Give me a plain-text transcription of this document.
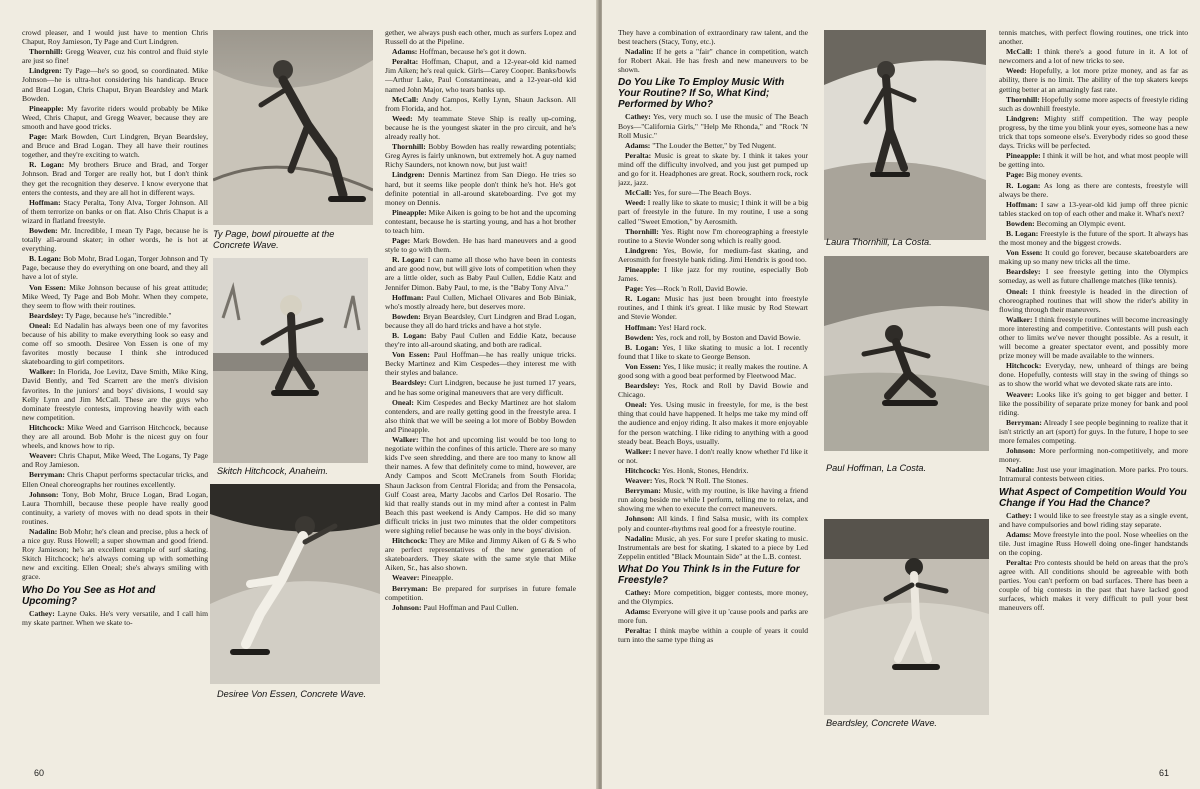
crowd pleaser, and I would just have to mention Chris Chaput, Roy Jamieson, Ty Page and Curt Lindgren.

Thornhill: Gregg Weaver, cuz his control and fluid style are just so fine!

Lindgren: Ty Page—he's so good, so coordinated. Mike Johnson—he is ultra-hot considering his handicap. Bruce and Brad Logan, Chris Chaput, Bryan Beardsley and Mark Bowden.

Pineapple: My favorite riders would probably be Mike Weed, Chris Chaput, and Gregg Weaver, because they are smooth and have good tricks.

Page: Mark Bowden, Curt Lindgren, Bryan Beardsley, and Bruce and Brad Logan. They all have their routines together, and they're exciting to watch.

R. Logan: My brothers Bruce and Brad, and Torger Johnson. Brad and Torger are really hot, but I don't think they get the recognition they deserve. I know everyone that enters the contests, and they are all hot in different ways.

Hoffman: Stacy Peralta, Tony Alva, Torger Johnson. All of them terrorize on banks or on flat. Also Chris Chaput is a wizard in flatland freestyle.

Bowden: Mr. Incredible, I mean Ty Page, because he is totally all-around skater; in other words, he is hot at everything.

B. Logan: Bob Mohr, Brad Logan, Torger Johnson and Ty Page, because they do everything on one board, and they all have a lot of style.

Von Essen: Mike Johnson because of his great attitude; Mike Weed, Ty Page and Bob Mohr. When they compete, they seem to flow with their routines.

Beardsley: Ty Page, because he's "incredible."

Oneal: Ed Nadalin has always been one of my favorites because of his ability to make everything look so easy and come off so smooth. Desiree Von Essen is one of my favorites mostly because I think she introduced skateboarding to girl competitors.

Walker: In Florida, Joe Levitz, Dave Smith, Mike King, David Bently, and Ted Scarrett are the men's division favorites. In the juniors' and boys' divisions, I would say Kelly Lynn and Jim McCall. These are the guys who dominate freestyle contests, improving heavily with each new competition.

Hitchcock: Mike Weed and Garrison Hitchcock, because they are all around. Bob Mohr is the nicest guy on four wheels, and knows how to rip.

Weaver: Chris Chaput, Mike Weed, The Logans, Ty Page and Roy Jamieson.

Berryman: Chris Chaput performs spectacular tricks, and Ellen Oneal choreographs her routines excellently.

Johnson: Tony, Bob Mohr, Bruce Logan, Brad Logan, Laura Thornhill, because these people have really good continuity, a variety of moves with no dead spots in their routines.

Nadalin: Bob Mohr; he's clean and precise, plus a heck of a nice guy. Russ Howell; a super showman and good friend. Roy Jamieson; he's an excellent example of surf skating. Skitch Hitchcock; he's always coming up with something new and exciting. Ellen Oneal; she's always smiling with grace.

Who Do You See as Hot and Upcoming?

Cathey: Layne Oaks. He's very versatile, and I call him my skate partner. When we skate to-

Ty Page, bowl pirouette at the Concrete Wave.
Skitch Hitchcock, Anaheim.
Desiree Von Essen, Concrete Wave.

gether, we always push each other, much as surfers Lopez and Russell do at the Pipeline.

Adams: Hoffman, because he's got it down.

Peralta: Hoffman, Chaput, and a 12-year-old kid named Jim Aiken; he's real quick. Girls—Carey Cooper. Banks/bowls—Arthur Lake, Paul Constantineau, and a 12-year-old kid named John Major, who tears banks up.

McCall: Andy Campos, Kelly Lynn, Shaun Jackson. All from Florida, and hot.

Weed: My teammate Steve Ship is really up-coming, because he is the youngest skater in the pro circuit, and he's already really hot.

Thornhill: Bobby Bowden has really rewarding potentials; Greg Ayres is fairly unknown, but extremely hot. A guy named Richy Saunders, not known now, but just wait!

Lindgren: Dennis Martinez from San Diego. He tries so hard, but it seems like people don't think he's hot. He's got definite potential in all-around skateboarding. I've got my money on Dennis.

Pineapple: Mike Aiken is going to be hot and the upcoming contestant, because he is starting young, and has a hot brother to teach him.

Page: Mark Bowden. He has hard maneuvers and a good style to go with them.

R. Logan: I can name all those who have been in contests and are good now, but will give lots of competition when they are a little older, such as Baby Paul Cullen, Eddie Katz and Jennifer Dimon. Baby Paul, to me, is the "Baby Tony Alva."

Hoffman: Paul Cullen, Michael Olivares and Bob Biniak, who's mostly already here, but deserves more.

Bowden: Bryan Beardsley, Curt Lindgren and Brad Logan, because they all do hard tricks and have a hot style.

B. Logan: Baby Paul Cullen and Eddie Katz, because they're into all-around skating, and both are radical.

Von Essen: Paul Hoffman—he has really unique tricks. Becky Martinez and Kim Cespedes—they interest me with their styles and balance.

Beardsley: Curt Lindgren, because he just turned 17 years, and he has some original maneuvers that are very difficult.

Oneal: Kim Cespedes and Becky Martinez are hot slalom contenders, and are really getting good in the freestyle area. I also think that we will be seeing a lot more of Bobby Bowden and Pineapple.

Walker: The hot and upcoming list would be too long to negotiate within the confines of this article. There are so many kids I've seen shredding, and there are too many to know all their names. A few that definitely come to mind, however, are Andy Campos and Scott McCranels from South Florida; Shaun Jackson from Central Florida; and from the Pensacola, Gulf Coast area, Marty Jacobs and Carlos Del Rosario. The kid that really stands out in my mind after a contest in Palm Beach this past weekend is Andy Campos. He did so many difficult tricks in just two minutes that the older competitors were sighing relief because he was only in the boys' division.

Hitchcock: They are Mike and Jimmy Aiken of G & S who are perfect representatives of the new generation of skateboarders. They skate with the same style that Mike Aiken, Sr., has also shown.

Weaver: Pineapple.

Berryman: Be prepared for surprises in future female competition.

Johnson: Paul Hoffman and Paul Cullen.

60

They have a combination of extraordinary raw talent, and the best teachers (Stacy, Tony, etc.).

Nadalin: If he gets a "fair" chance in competition, watch for Robert Akai. He has fresh and new maneuvers to be shown.

Do You Like To Employ Music With Your Routine? If So, What Kind; Performed by Who?

Cathey: Yes, very much so. I use the music of The Beach Boys—"California Girls," "Help Me Rhonda," and "Rock 'N Roll Music."

Adams: "The Louder the Better," by Ted Nugent.

Peralta: Music is great to skate by. I think it takes your mind off the difficulty involved, and you just get pumped up and go for it. Headphones are great. Rock, southern rock, rock jazz, jazz.

McCall: Yes, for sure—The Beach Boys.

Weed: I really like to skate to music; I think it will be a big part of freestyle in the future. In my routine, I use a song called "Sweet Emotion," by Aerosmith.

Thornhill: Yes. Right now I'm choreographing a freestyle routine to a Stevie Wonder song which is really good.

Lindgren: Yes, Bowie, for medium-fast skating, and Aerosmith for freestyle bank riding. Jimi Hendrix is good too.

Pineapple: I like jazz for my routine, especially Bob James.

Page: Yes—Rock 'n Roll, David Bowie.

R. Logan: Music has just been brought into freestyle routines, and I think it's great. I like music by Rod Stewart and Stevie Wonder.

Hoffman: Yes! Hard rock.

Bowden: Yes, rock and roll, by Boston and David Bowie.

B. Logan: Yes, I like skating to music a lot. I recently found that I like to skate to George Benson.

Von Essen: Yes, I like music; it really makes the routine. A good song with a good beat performed by Fleetwood Mac.

Beardsley: Yes, Rock and Roll by David Bowie and Chicago.

Oneal: Yes. Using music in freestyle, for me, is the best thing that could have happened. It helps me take my mind off the audience and enjoy riding. It also makes it more enjoyable for the person watching. I like riding to anything with a good steady beat. Beach Boys, usually.

Walker: I never have. I don't really know whether I'd like it or not.

Hitchcock: Yes. Honk, Stones, Hendrix.

Weaver: Yes, Rock 'N Roll. The Stones.

Berryman: Music, with my routine, is like having a friend run along beside me while I perform, telling me to relax, and showing me when to execute the correct maneuvers.

Johnson: All kinds. I find Salsa music, with its complex poly and counter-rhythms real good for a freestyle routine.

Nadalin: Music, ah yes. For sure I prefer skating to music. Instrumentals are best for skating. I skated to a piece by Led Zeppelin entitled "Black Mountain Side" at the L.B. contest.

What Do You Think Is in the Future for Freestyle?

Cathey: More competition, bigger contests, more money, and the Olympics.

Adams: Everyone will give it up 'cause pools and parks are more fun.

Peralta: I think maybe within a couple of years it could turn into the same type thing as

Laura Thornhill, La Costa.
Paul Hoffman, La Costa.
Beardsley, Concrete Wave.

tennis matches, with perfect flowing routines, one trick into another.

McCall: I think there's a good future in it. A lot of newcomers and a lot of new tricks to see.

Weed: Hopefully, a lot more prize money, and as far as ability, there is no limit. The ability of the top skaters keeps getting better at an amazingly fast rate.

Thornhill: Hopefully some more aspects of freestyle riding such as downhill freestyle.

Lindgren: Mighty stiff competition. The way people progress, by the time you blink your eyes, someone has a new trick that tops someone else's. Everybody rides so good these days. Tricks will be perfected.

Pineapple: I think it will be hot, and what most people will be getting into.

Page: Big money events.

R. Logan: As long as there are contests, freestyle will always be there.

Hoffman: I saw a 13-year-old kid jump off three picnic tables stacked on top of each other and make it. What's next?

Bowden: Becoming an Olympic event.

B. Logan: Freestyle is the future of the sport. It always has the most money and the biggest crowds.

Von Essen: It could go forever, because skateboarders are making up so many new tricks all the time.

Beardsley: I see freestyle getting into the Olympics someday, as well as future challenge matches (like tennis).

Oneal: I think freestyle is headed in the direction of choreographed routines that will show the rider's ability in flowing through their maneuvers.

Walker: I think freestyle routines will become increasingly more interesting and competitive. Contestants will push each other to limits we've never thought possible. As a result, it will become a greater spectator event, and possibly more prize money will be made available to the winners.

Hitchcock: Everyday, new, unheard of things are being done. Hopefully, contests will stay in the swing of things so as to show the world what we devoted skate rats are into.

Weaver: Looks like it's going to get bigger and better. I like the possibility of separate prize money for bank and pool riding.

Berryman: Already I see people beginning to realize that it isn't strictly an art (sport) for guys. In the future, I hope to see more females competing.

Johnson: More performing non-competitively, and more money.

Nadalin: Just use your imagination. More parks. Pro tours. Intramural contests between cities.

What Aspect of Competition Would You Change if You Had the Chance?

Cathey: I would like to see freestyle stay as a single event, and have compulsories and bowl riding stay separate.

Adams: Move freestyle into the pool. Nose wheelies on the tile. Just imagine Russ Howell doing one-finger handstands on the coping.

Peralta: Pro contests should be held on areas that the pro's agree with. All conditions should be agreeable with both parties. You can't perform on bad surfaces. There has been a couple of big contests in the past that have lacked good surfaces, which makes it very difficult to pull your best maneuvers off.

61
